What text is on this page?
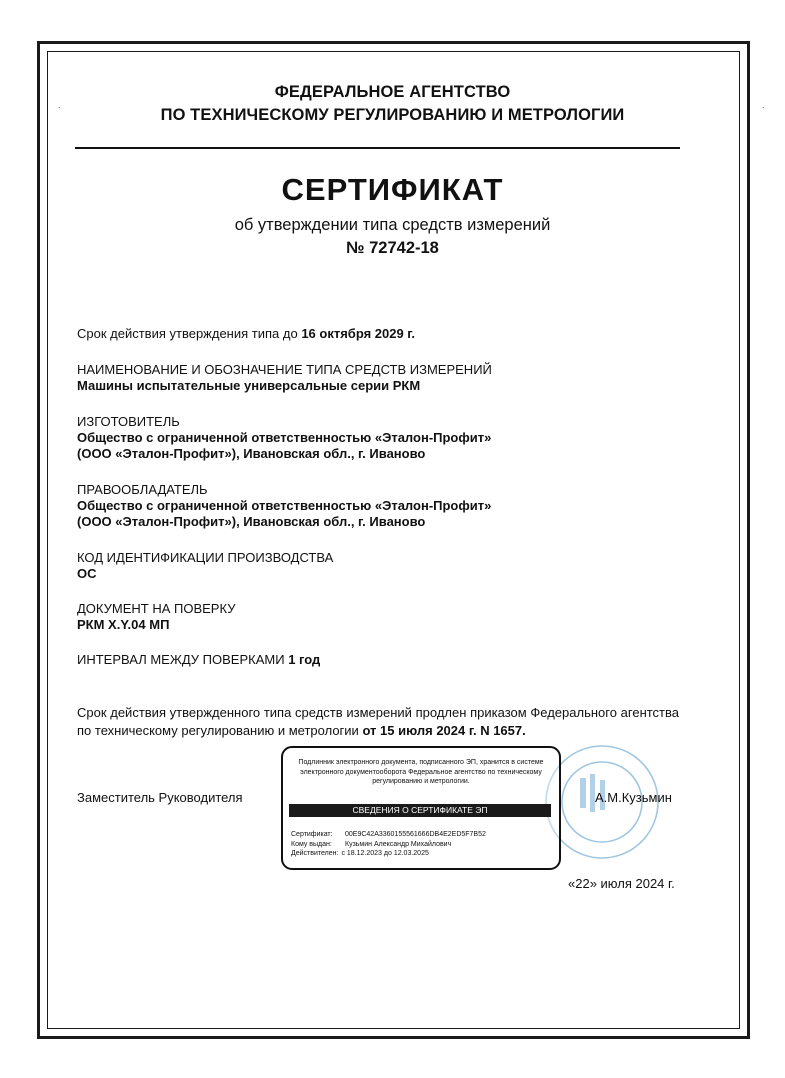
.	.
ФЕДЕРАЛЬНОЕ АГЕНТСТВО
ПО ТЕХНИЧЕСКОМУ РЕГУЛИРОВАНИЮ И МЕТРОЛОГИИ
СЕРТИФИКАТ
об утверждении типа средств измерений
№ 72742-18
Срок действия утверждения типа до 16 октября 2029 г.
НАИМЕНОВАНИЕ И ОБОЗНАЧЕНИЕ ТИПА СРЕДСТВ ИЗМЕРЕНИЙ
Машины испытательные универсальные серии РКМ
ИЗГОТОВИТЕЛЬ
Общество с ограниченной ответственностью «Эталон-Профит»
(ООО «Эталон-Профит»), Ивановская обл., г. Иваново
ПРАВООБЛАДАТЕЛЬ
Общество с ограниченной ответственностью «Эталон-Профит»
(ООО «Эталон-Профит»), Ивановская обл., г. Иваново
КОД ИДЕНТИФИКАЦИИ ПРОИЗВОДСТВА
ОС
ДОКУМЕНТ НА ПОВЕРКУ
РКМ X.Y.04 МП
ИНТЕРВАЛ МЕЖДУ ПОВЕРКАМИ 1 год
Срок действия утвержденного типа средств измерений продлен приказом Федерального агентства по техническому регулированию и метрологии от 15 июля 2024 г. N 1657.
Подлинник электронного документа, подписанного ЭП, хранится в системе электронного документооборота Федеральное агентство по техническому регулированию и метрологии.
СВЕДЕНИЯ О СЕРТИФИКАТЕ ЭП
Сертификат: 00E9C42A3360155561666DB4E2ED5F7B52
Кому выдан: Кузьмин Александр Михайлович
Действителен: с 18.12.2023 до 12.03.2025
Заместитель Руководителя	А.М.Кузьмин
«22» июля 2024 г.
